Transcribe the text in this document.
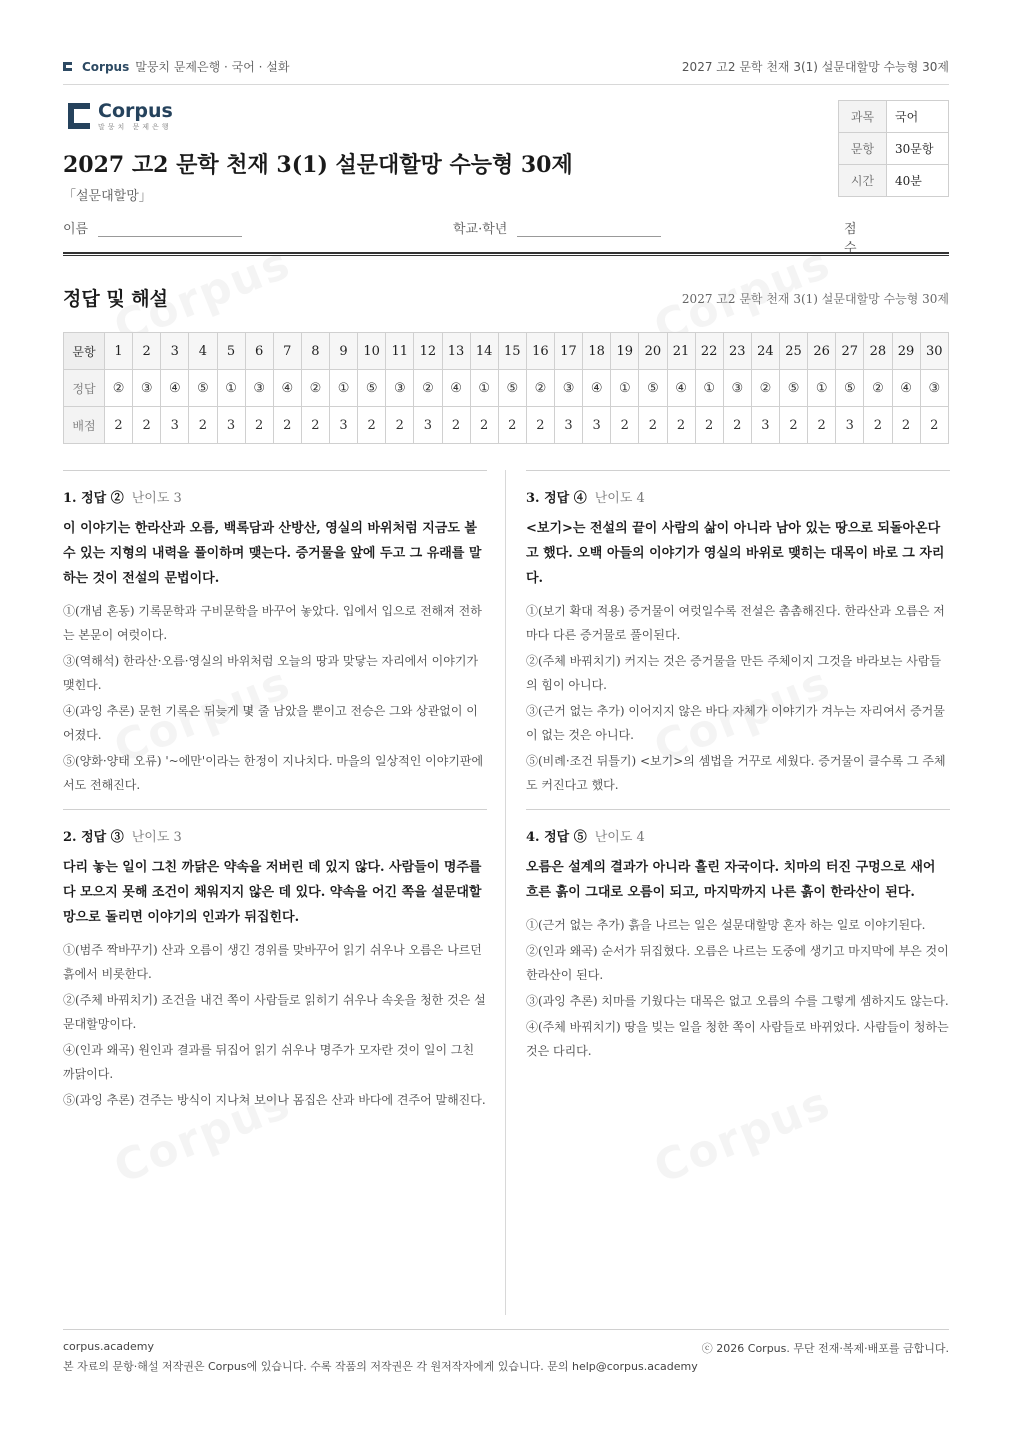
Corpus 말뭉치 문제은행 · 국어 · 설화	2027 고2 문학 천재 3(1) 설문대할망 수능형 30제
Corpus
말뭉치 문제은행
2027 고2 문학 천재 3(1) 설문대할망 수능형 30제
「설문대할망」
과목	국어
문항	30문항
시간	40분
이름	학교·학년	점수
정답 및 해설	2027 고2 문학 천재 3(1) 설문대할망 수능형 30제
문항	1	2	3	4	5	6	7	8	9	10	11	12	13	14	15	16	17	18	19	20	21	22	23	24	25	26	27	28	29	30
정답	②	③	④	⑤	①	③	④	②	①	⑤	③	②	④	①	⑤	②	③	④	①	⑤	④	①	③	②	⑤	①	⑤	②	④	③
배점	2	2	3	2	3	2	2	2	3	2	2	3	2	2	2	2	3	3	2	2	2	2	2	3	2	2	3	2	2	2
1. 정답 ② 난이도 3
이 이야기는 한라산과 오름, 백록담과 산방산, 영실의 바위처럼 지금도 볼 수 있는 지형의 내력을 풀이하며 맺는다. 증거물을 앞에 두고 그 유래를 말하는 것이 전설의 문법이다.
①(개념 혼동) 기록문학과 구비문학을 바꾸어 놓았다. 입에서 입으로 전해져 전하는 본문이 여럿이다.
③(역해석) 한라산·오름·영실의 바위처럼 오늘의 땅과 맞닿는 자리에서 이야기가 맺힌다.
④(과잉 추론) 문헌 기록은 뒤늦게 몇 줄 남았을 뿐이고 전승은 그와 상관없이 이어졌다.
⑤(양화·양태 오류) '~에만'이라는 한정이 지나치다. 마을의 일상적인 이야기판에서도 전해진다.
2. 정답 ③ 난이도 3
다리 놓는 일이 그친 까닭은 약속을 저버린 데 있지 않다. 사람들이 명주를 다 모으지 못해 조건이 채워지지 않은 데 있다. 약속을 어긴 쪽을 설문대할망으로 돌리면 이야기의 인과가 뒤집힌다.
①(범주 짝바꾸기) 산과 오름이 생긴 경위를 맞바꾸어 읽기 쉬우나 오름은 나르던 흙에서 비롯한다.
②(주체 바꿔치기) 조건을 내건 쪽이 사람들로 읽히기 쉬우나 속옷을 청한 것은 설문대할망이다.
④(인과 왜곡) 원인과 결과를 뒤집어 읽기 쉬우나 명주가 모자란 것이 일이 그친 까닭이다.
⑤(과잉 추론) 견주는 방식이 지나쳐 보이나 몸집은 산과 바다에 견주어 말해진다.
3. 정답 ④ 난이도 4
<보기>는 전설의 끝이 사람의 삶이 아니라 남아 있는 땅으로 되돌아온다고 했다. 오백 아들의 이야기가 영실의 바위로 맺히는 대목이 바로 그 자리다.
①(보기 확대 적용) 증거물이 여럿일수록 전설은 촘촘해진다. 한라산과 오름은 저마다 다른 증거물로 풀이된다.
②(주체 바꿔치기) 커지는 것은 증거물을 만든 주체이지 그것을 바라보는 사람들의 힘이 아니다.
③(근거 없는 추가) 이어지지 않은 바다 자체가 이야기가 겨누는 자리여서 증거물이 없는 것은 아니다.
⑤(비례·조건 뒤틀기) <보기>의 셈법을 거꾸로 세웠다. 증거물이 클수록 그 주체도 커진다고 했다.
4. 정답 ⑤ 난이도 4
오름은 설계의 결과가 아니라 흘린 자국이다. 치마의 터진 구멍으로 새어 흐른 흙이 그대로 오름이 되고, 마지막까지 나른 흙이 한라산이 된다.
①(근거 없는 추가) 흙을 나르는 일은 설문대할망 혼자 하는 일로 이야기된다.
②(인과 왜곡) 순서가 뒤집혔다. 오름은 나르는 도중에 생기고 마지막에 부은 것이 한라산이 된다.
③(과잉 추론) 치마를 기웠다는 대목은 없고 오름의 수를 그렇게 셈하지도 않는다.
④(주체 바꿔치기) 땅을 빚는 일을 청한 쪽이 사람들로 바뀌었다. 사람들이 청하는 것은 다리다.
corpus.academy	ⓒ 2026 Corpus. 무단 전재·복제·배포를 금합니다.
본 자료의 문항·해설 저작권은 Corpus에 있습니다. 수록 작품의 저작권은 각 원저작자에게 있습니다. 문의 help@corpus.academy
